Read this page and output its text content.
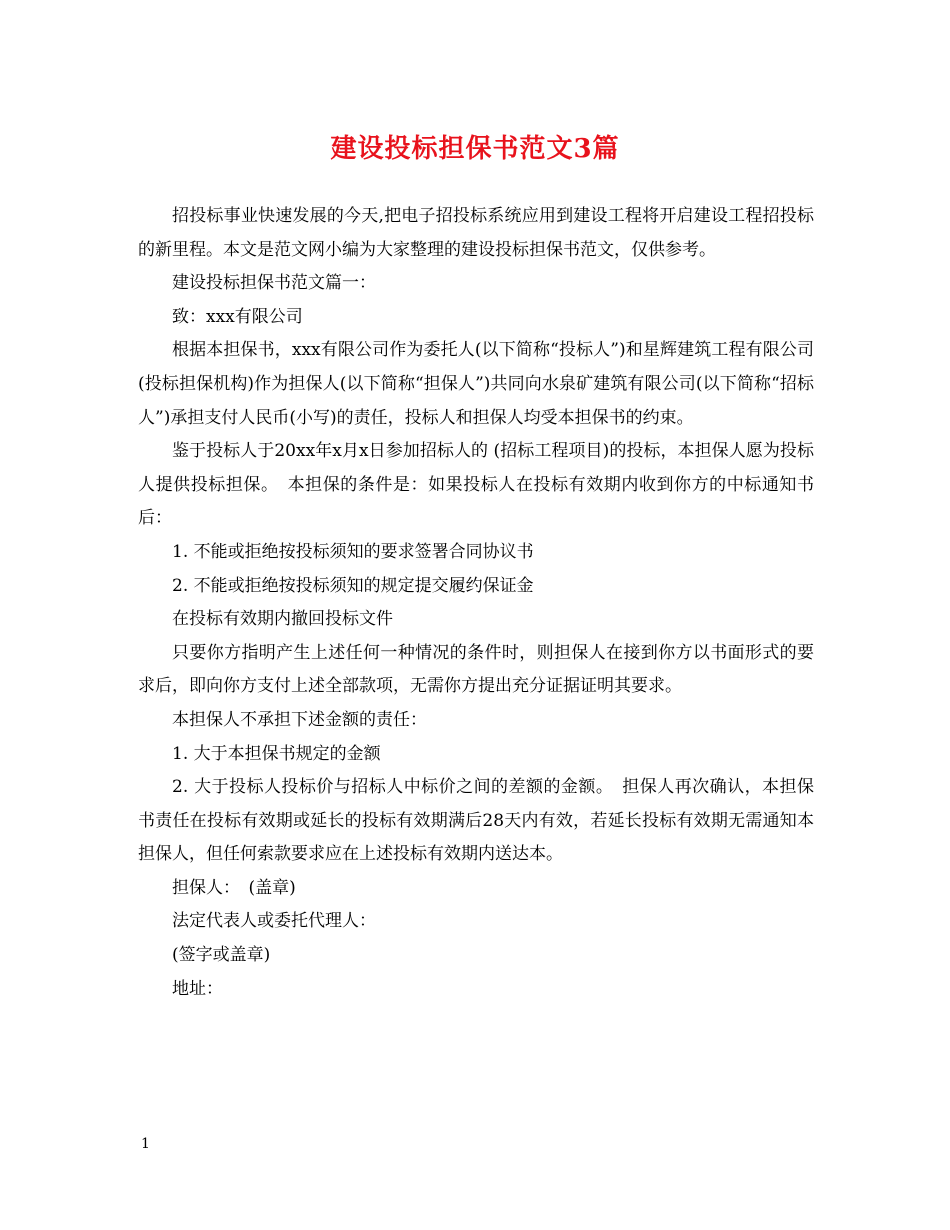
建设投标担保书范文3篇

招投标事业快速发展的今天,把电子招投标系统应用到建设工程将开启建设工程招投标的新里程。本文是范文网小编为大家整理的建设投标担保书范文，仅供参考。

建设投标担保书范文篇一：

致：xxx有限公司

根据本担保书，xxx有限公司作为委托人(以下简称“投标人”)和星辉建筑工程有限公司(投标担保机构)作为担保人(以下简称“担保人”)共同向水泉矿建筑有限公司(以下简称“招标人”)承担支付人民币(小写)的责任，投标人和担保人均受本担保书的约束。

鉴于投标人于20xx年x月x日参加招标人的 (招标工程项目)的投标，本担保人愿为投标人提供投标担保。　本担保的条件是：如果投标人在投标有效期内收到你方的中标通知书后：

1. 不能或拒绝按投标须知的要求签署合同协议书

2. 不能或拒绝按投标须知的规定提交履约保证金

在投标有效期内撤回投标文件

只要你方指明产生上述任何一种情况的条件时，则担保人在接到你方以书面形式的要求后，即向你方支付上述全部款项，无需你方提出充分证据证明其要求。

本担保人不承担下述金额的责任：

1. 大于本担保书规定的金额

2. 大于投标人投标价与招标人中标价之间的差额的金额。　担保人再次确认，本担保书责任在投标有效期或延长的投标有效期满后28天内有效，若延长投标有效期无需通知本担保人，但任何索款要求应在上述投标有效期内送达本。

担保人：　(盖章)

法定代表人或委托代理人：

(签字或盖章)

地址：

1
